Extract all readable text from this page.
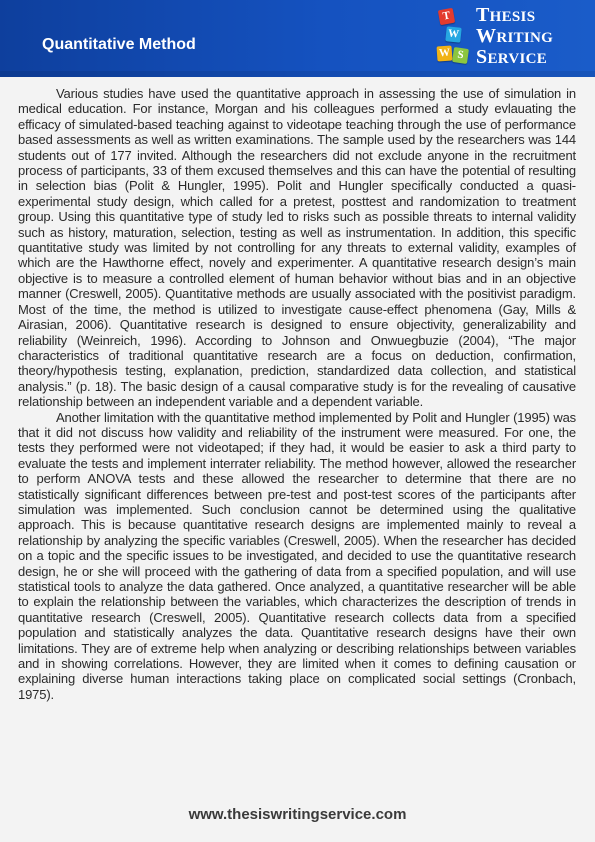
Quantitative Method
T
W
W S
THESIS
WRITING
SERVICE

Various studies have used the quantitative approach in assessing the use of simulation in medical education. For instance, Morgan and his colleagues performed a study evlauating the efficacy of simulated-based teaching against to videotape teaching through the use of performance based assessments as well as written examinations. The sample used by the researchers was 144 students out of 177 invited. Although the researchers did not exclude anyone in the recruitment process of participants, 33 of them excused themselves and this can have the potential of resulting in selection bias (Polit & Hungler, 1995). Polit and Hungler specifically conducted a quasi-experimental study design, which called for a pretest, posttest and randomization to treatment group. Using this quantitative type of study led to risks such as possible threats to internal validity such as history, maturation, selection, testing as well as instrumentation. In addition, this specific quantitative study was limited by not controlling for any threats to external validity, examples of which are the Hawthorne effect, novely and experimenter. A quantitative research design’s main objective is to measure a controlled element of human behavior without bias and in an objective manner (Creswell, 2005). Quantitative methods are usually associated with the positivist paradigm. Most of the time, the method is utilized to investigate cause-effect phenomena (Gay, Mills & Airasian, 2006). Quantitative research is designed to ensure objectivity, generalizability and reliability (Weinreich, 1996). According to Johnson and Onwuegbuzie (2004), “The major characteristics of traditional quantitative research are a focus on deduction, confirmation, theory/hypothesis testing, explanation, prediction, standardized data collection, and statistical analysis.” (p. 18). The basic design of a causal comparative study is for the revealing of causative relationship between an independent variable and a dependent variable.

Another limitation with the quantitative method implemented by Polit and Hungler (1995) was that it did not discuss how validity and reliability of the instrument were measured. For one, the tests they performed were not videotaped; if they had, it would be easier to ask a third party to evaluate the tests and implement interrater reliability. The method however, allowed the researcher to perform ANOVA tests and these allowed the researcher to determine that there are no statistically significant differences between pre-test and post-test scores of the participants after simulation was implemented. Such conclusion cannot be determined using the qualitative approach. This is because quantitative research designs are implemented mainly to reveal a relationship by analyzing the specific variables (Creswell, 2005). When the researcher has decided on a topic and the specific issues to be investigated, and decided to use the quantitative research design, he or she will proceed with the gathering of data from a specified population, and will use statistical tools to analyze the data gathered. Once analyzed, a quantitative researcher will be able to explain the relationship between the variables, which characterizes the description of trends in quantitative research (Creswell, 2005). Quantitative research collects data from a specified population and statistically analyzes the data. Quantitative research designs have their own limitations. They are of extreme help when analyzing or describing relationships between variables and in showing correlations. However, they are limited when it comes to defining causation or explaining diverse human interactions taking place on complicated social settings (Cronbach, 1975).

www.thesiswritingservice.com
